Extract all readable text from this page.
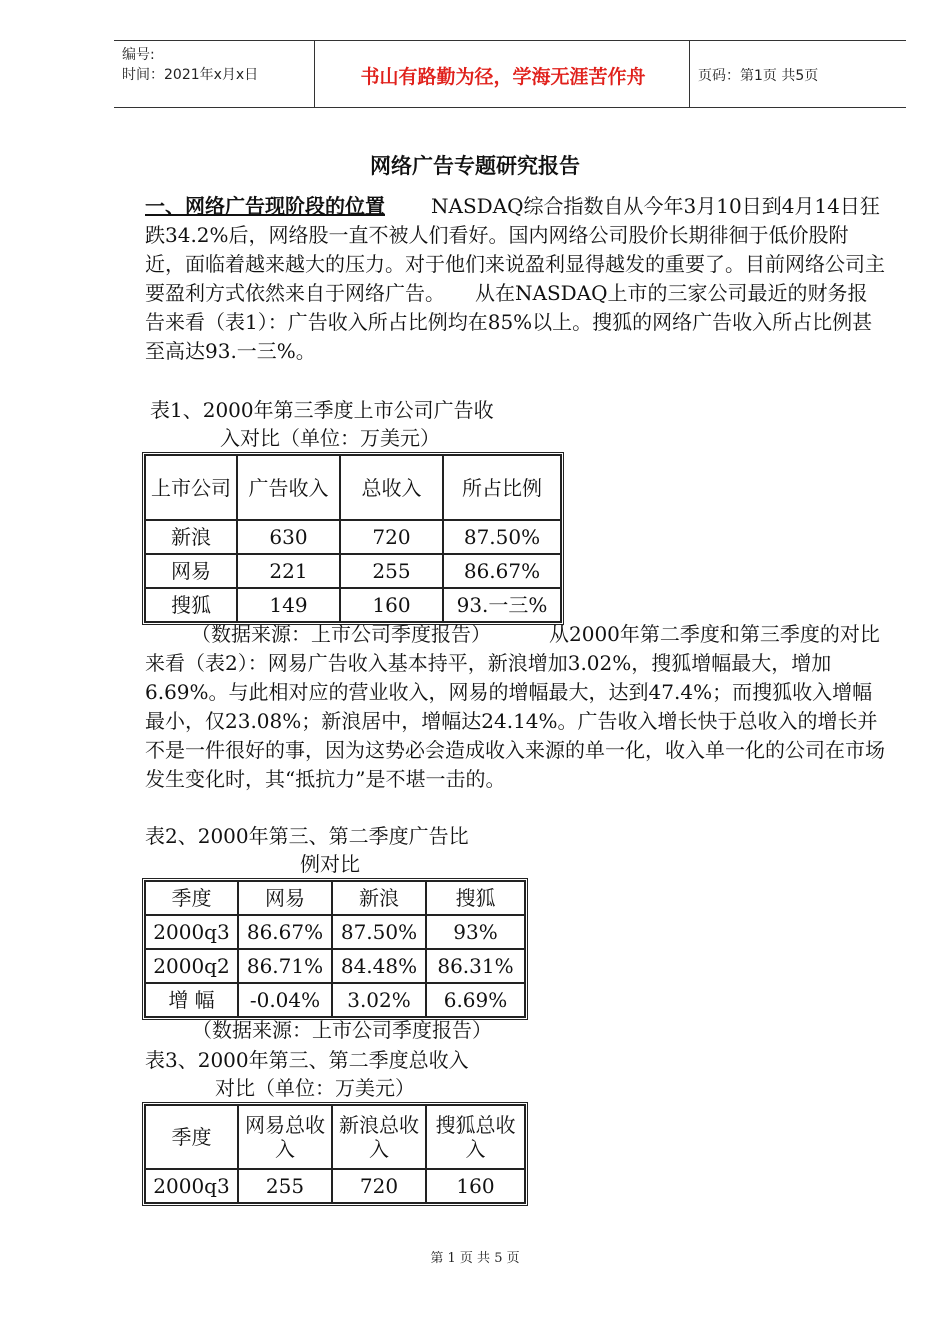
编号:
时间：2021年x月x日	书山有路勤为径，学海无涯苦作舟	页码：第1页 共5页
网络广告专题研究报告
一、网络广告现阶段的位置 NASDAQ综合指数自从今年3月10日到4月14日狂跌34.2%后，网络股一直不被人们看好。国内网络公司股价长期徘徊于低价股附近，面临着越来越大的压力。对于他们来说盈利显得越发的重要了。目前网络公司主要盈利方式依然来自于网络广告。　　从在NASDAQ上市的三家公司最近的财务报告来看（表1）：广告收入所占比例均在85%以上。搜狐的网络广告收入所占比例甚至高达93.一三%。
表1、2000年第三季度上市公司广告收
入对比（单位：万美元）
上市公司	广告收入	总收入	所占比例
新浪	630	720	87.50%
网易	221	255	86.67%
搜狐	149	160	93.一三%
（数据来源：上市公司季度报告）	从2000年第二季度和第三季度的对比来看（表2）：网易广告收入基本持平，新浪增加3.02%，搜狐增幅最大，增加6.69%。与此相对应的营业收入，网易的增幅最大，达到47.4%；而搜狐收入增幅最小，仅23.08%；新浪居中，增幅达24.14%。广告收入增长快于总收入的增长并不是一件很好的事，因为这势必会造成收入来源的单一化，收入单一化的公司在市场发生变化时，其“抵抗力”是不堪一击的。
表2、2000年第三、第二季度广告比
例对比
季度	网易	新浪	搜狐
2000q3	86.67%	87.50%	93%
2000q2	86.71%	84.48%	86.31%
增 幅	-0.04%	3.02%	6.69%
（数据来源：上市公司季度报告）
表3、2000年第三、第二季度总收入
对比（单位：万美元）
季度	网易总收入	新浪总收入	搜狐总收入
2000q3	255	720	160
第 1 页 共 5 页
